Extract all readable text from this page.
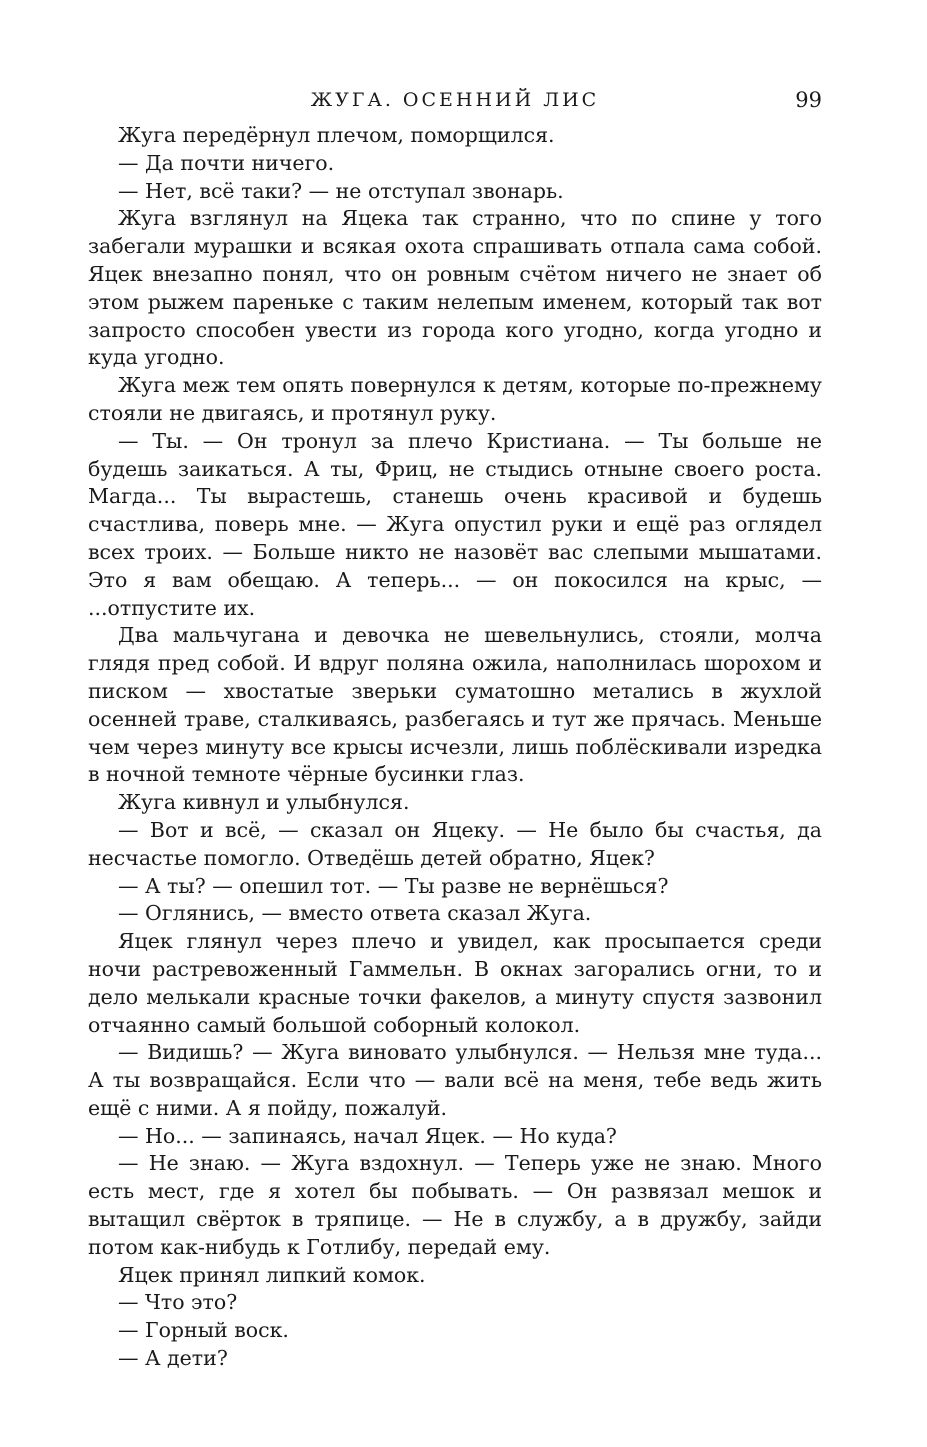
ЖУГА. ОСЕННИЙ ЛИС	99

Жуга передёрнул плечом, поморщился.

— Да почти ничего.

— Нет, всё таки? — не отступал звонарь.

Жуга взглянул на Яцека так странно, что по спине у того забегали мурашки и всякая охота спрашивать отпала сама собой. Яцек внезапно понял, что он ровным счётом ничего не знает об этом рыжем пареньке с таким нелепым именем, который так вот запросто способен увести из города кого угодно, когда угодно и куда угодно.

Жуга меж тем опять повернулся к детям, которые по-прежнему стояли не двигаясь, и протянул руку.

— Ты. — Он тронул за плечо Кристиана. — Ты больше не будешь заикаться. А ты, Фриц, не стыдись отныне своего роста. Магда... Ты вырастешь, станешь очень красивой и будешь счастлива, поверь мне. — Жуга опустил руки и ещё раз оглядел всех троих. — Больше никто не назовёт вас слепыми мышатами. Это я вам обещаю. А теперь... — он покосился на крыс, — ...отпустите их.

Два мальчугана и девочка не шевельнулись, стояли, молча глядя пред собой. И вдруг поляна ожила, наполнилась шорохом и писком — хвостатые зверьки суматошно метались в жухлой осенней траве, сталкиваясь, разбегаясь и тут же прячась. Меньше чем через минуту все крысы исчезли, лишь поблёскивали изредка в ночной темноте чёрные бусинки глаз.

Жуга кивнул и улыбнулся.

— Вот и всё, — сказал он Яцеку. — Не было бы счастья, да несчастье помогло. Отведёшь детей обратно, Яцек?

— А ты? — опешил тот. — Ты разве не вернёшься?

— Оглянись, — вместо ответа сказал Жуга.

Яцек глянул через плечо и увидел, как просыпается среди ночи растревоженный Гаммельн. В окнах загорались огни, то и дело мелькали красные точки факелов, а минуту спустя зазвонил отчаянно самый большой соборный колокол.

— Видишь? — Жуга виновато улыбнулся. — Нельзя мне туда... А ты возвращайся. Если что — вали всё на меня, тебе ведь жить ещё с ними. А я пойду, пожалуй.

— Но... — запинаясь, начал Яцек. — Но куда?

— Не знаю. — Жуга вздохнул. — Теперь уже не знаю. Много есть мест, где я хотел бы побывать. — Он развязал мешок и вытащил свёрток в тряпице. — Не в службу, а в дружбу, зайди потом как-нибудь к Готлибу, передай ему.

Яцек принял липкий комок.

— Что это?

— Горный воск.

— А дети?
